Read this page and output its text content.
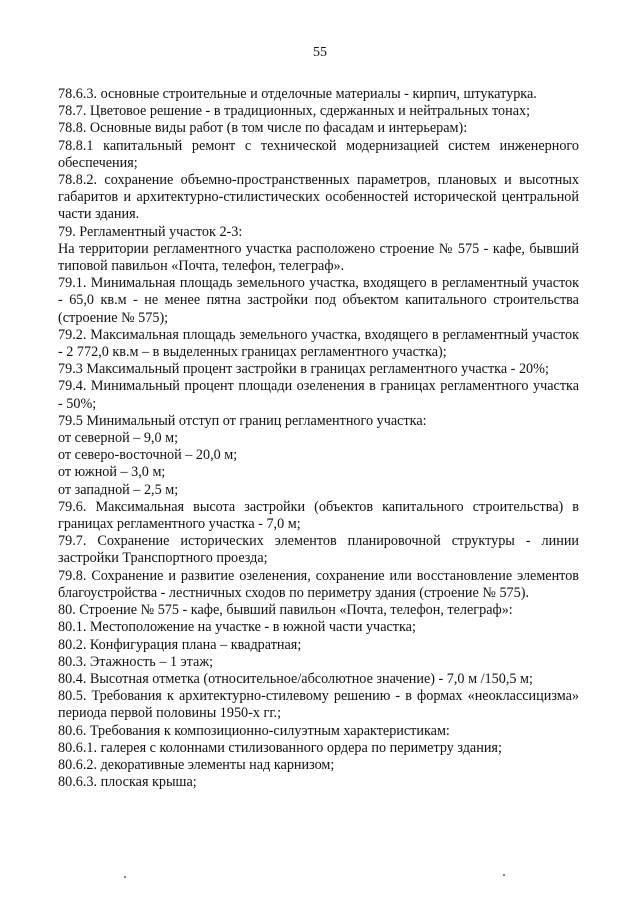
55

78.6.3. основные строительные и отделочные материалы - кирпич, штукатурка.

78.7. Цветовое решение - в традиционных, сдержанных и нейтральных тонах;

78.8. Основные виды работ (в том числе по фасадам и интерьерам):

78.8.1 капитальный ремонт с технической модернизацией систем инженерного обеспечения;

78.8.2. сохранение объемно-пространственных параметров, плановых и высотных габаритов и архитектурно-стилистических особенностей исторической центральной части здания.

79. Регламентный участок 2-3:

На территории регламентного участка расположено строение № 575 - кафе, бывший типовой павильон «Почта, телефон, телеграф».

79.1. Минимальная площадь земельного участка, входящего в регламентный участок - 65,0 кв.м - не менее пятна застройки под объектом капитального строительства (строение № 575);

79.2. Максимальная площадь земельного участка, входящего в регламентный участок - 2 772,0 кв.м – в выделенных границах регламентного участка);

79.3 Максимальный процент застройки в границах регламентного участка - 20%;

79.4. Минимальный процент площади озеленения в границах регламентного участка - 50%;

79.5 Минимальный отступ от границ регламентного участка:

от северной – 9,0 м;

от северо-восточной – 20,0 м;

от южной – 3,0 м;

от западной – 2,5 м;

79.6. Максимальная высота застройки (объектов капитального строительства) в границах регламентного участка - 7,0 м;

79.7. Сохранение исторических элементов планировочной структуры - линии застройки Транспортного проезда;

79.8. Сохранение и развитие озеленения, сохранение или восстановление элементов благоустройства - лестничных сходов по периметру здания (строение № 575).

80. Строение № 575 - кафе, бывший павильон «Почта, телефон, телеграф»:

80.1. Местоположение на участке - в южной части участка;

80.2. Конфигурация плана – квадратная;

80.3. Этажность – 1 этаж;

80.4. Высотная отметка (относительное/абсолютное значение) - 7,0 м /150,5 м;

80.5. Требования к архитектурно-стилевому решению - в формах «неоклассицизма» периода первой половины 1950-х гг.;

80.6. Требования к композиционно-силуэтным характеристикам:

80.6.1. галерея с колоннами стилизованного ордера по периметру здания;

80.6.2. декоративные элементы над карнизом;

80.6.3. плоская крыша;
